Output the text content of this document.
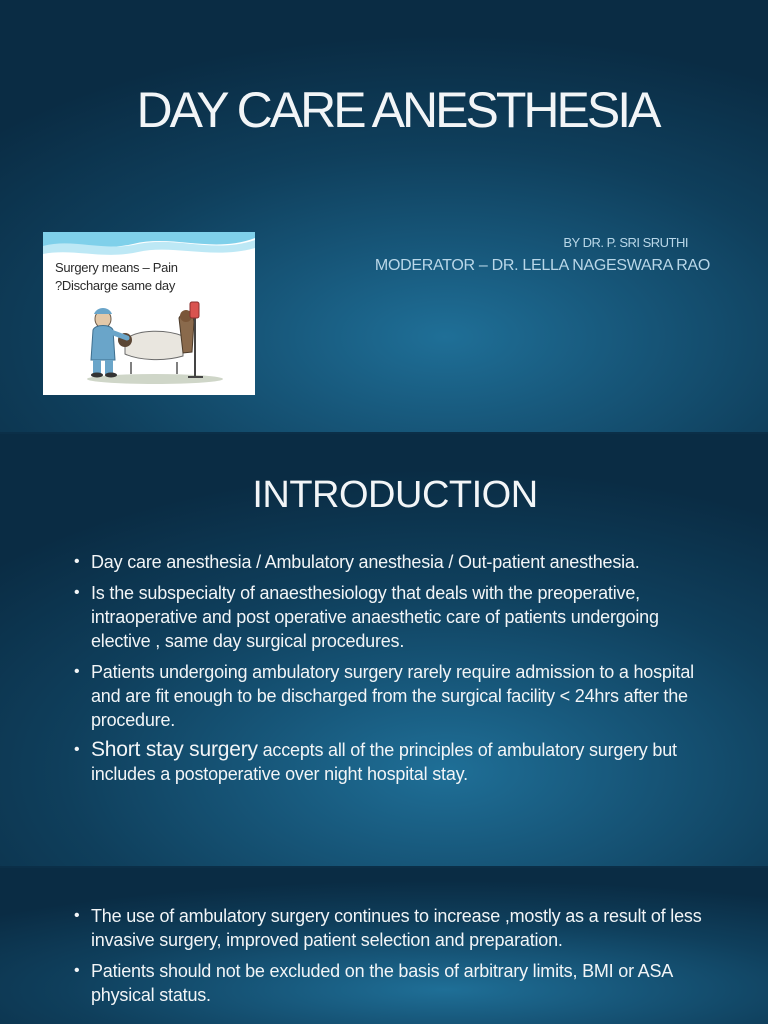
DAY CARE ANESTHESIA
Surgery means – Pain
?Discharge same day
BY DR. P. SRI SRUTHI
MODERATOR – DR. LELLA NAGESWARA RAO
INTRODUCTION
• Day care anesthesia / Ambulatory anesthesia / Out-patient anesthesia.
• Is the subspecialty of anaesthesiology that deals with the preoperative, intraoperative and post operative anaesthetic care of patients undergoing elective , same day surgical procedures.
• Patients undergoing ambulatory surgery rarely require admission to a hospital and are fit enough to be discharged from the surgical facility < 24hrs after the procedure.
• Short stay surgery accepts all of the principles of ambulatory surgery but includes a postoperative over night hospital stay.
• The use of ambulatory surgery continues to increase ,mostly as a result of less invasive surgery, improved patient selection and preparation.
• Patients should not be excluded on the basis of arbitrary limits, BMI or ASA physical status.
